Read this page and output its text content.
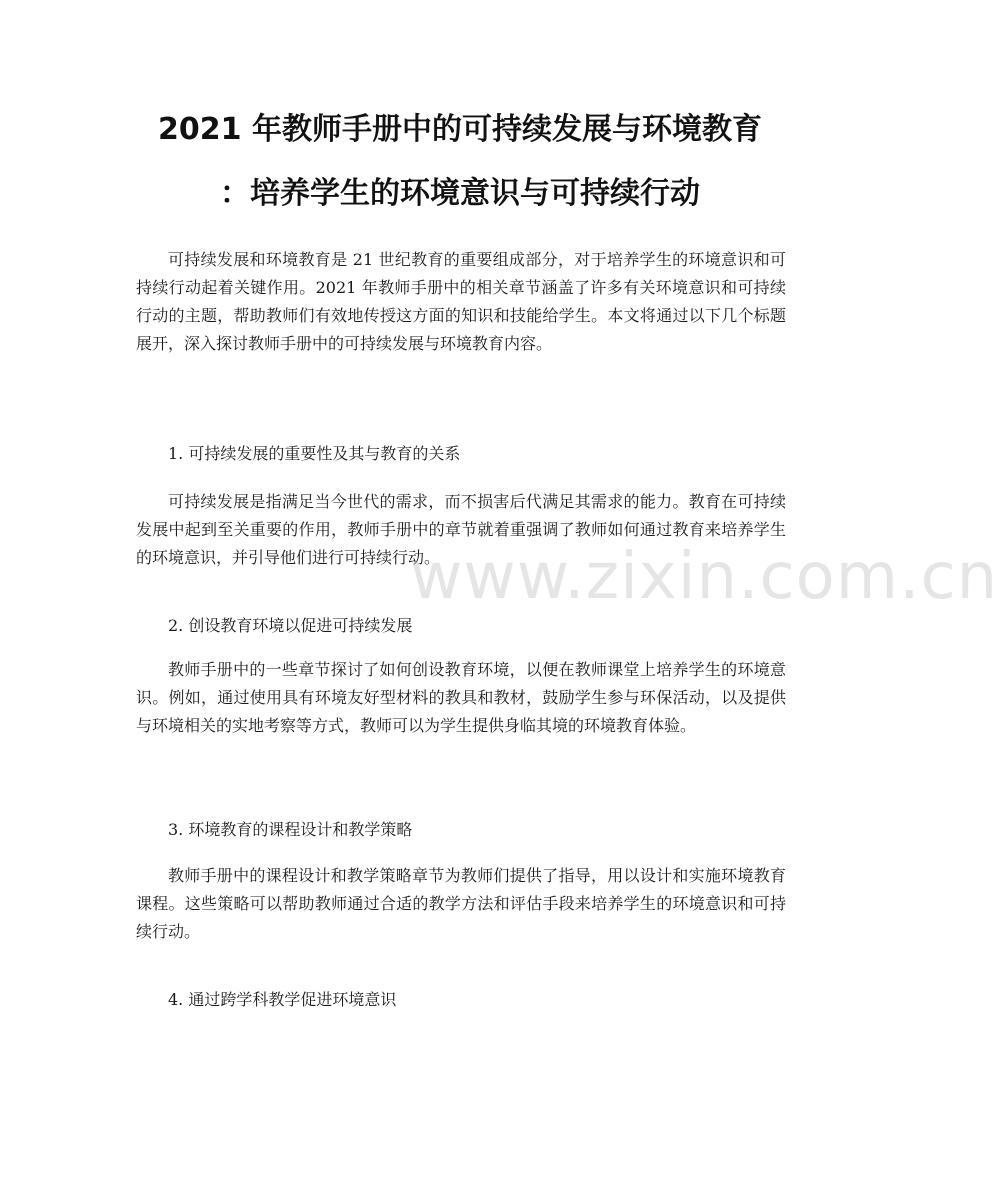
2021 年教师手册中的可持续发展与环境教育
：培养学生的环境意识与可持续行动

可持续发展和环境教育是 21 世纪教育的重要组成部分，对于培养学生的环境意识和可持续行动起着关键作用。2021 年教师手册中的相关章节涵盖了许多有关环境意识和可持续行动的主题，帮助教师们有效地传授这方面的知识和技能给学生。本文将通过以下几个标题展开，深入探讨教师手册中的可持续发展与环境教育内容。

1. 可持续发展的重要性及其与教育的关系

可持续发展是指满足当今世代的需求，而不损害后代满足其需求的能力。教育在可持续发展中起到至关重要的作用，教师手册中的章节就着重强调了教师如何通过教育来培养学生的环境意识，并引导他们进行可持续行动。

2. 创设教育环境以促进可持续发展

教师手册中的一些章节探讨了如何创设教育环境，以便在教师课堂上培养学生的环境意识。例如，通过使用具有环境友好型材料的教具和教材，鼓励学生参与环保活动，以及提供与环境相关的实地考察等方式，教师可以为学生提供身临其境的环境教育体验。

3. 环境教育的课程设计和教学策略

教师手册中的课程设计和教学策略章节为教师们提供了指导，用以设计和实施环境教育课程。这些策略可以帮助教师通过合适的教学方法和评估手段来培养学生的环境意识和可持续行动。

4. 通过跨学科教学促进环境意识

www.zixin.com.cn
